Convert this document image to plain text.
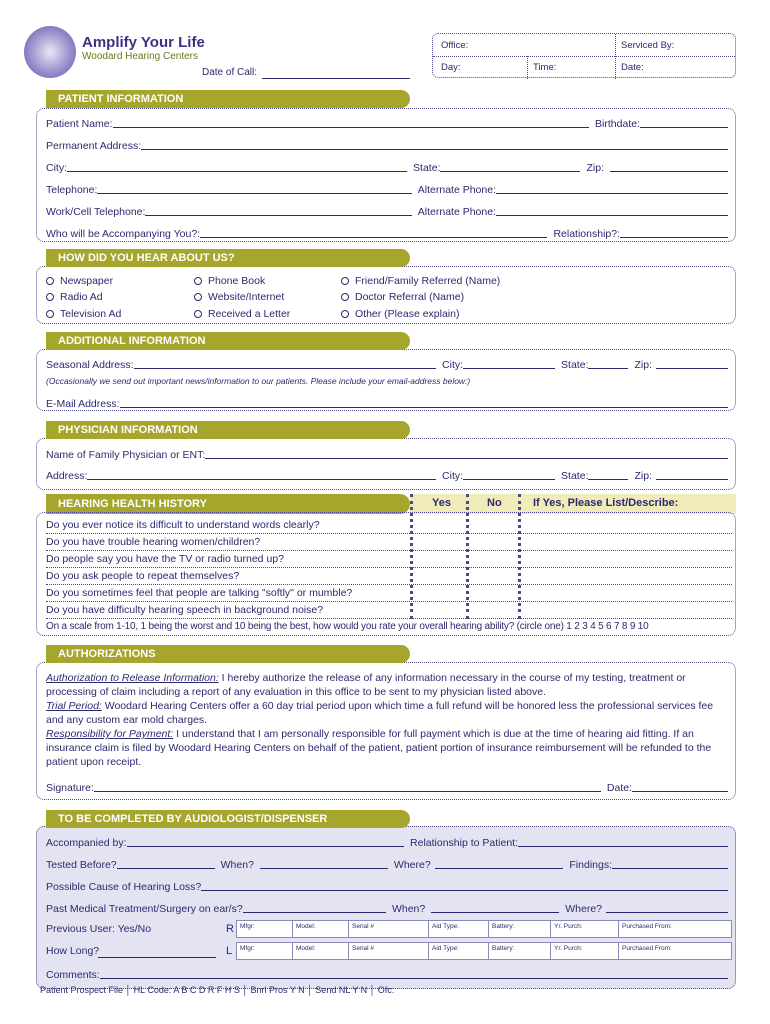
Amplify Your Life
Woodard Hearing Centers
Date of Call:
Office:	Serviced By:
Day:	Time:	Date:
PATIENT INFORMATION
Patient Name:	Birthdate:
Permanent Address:
City:	State:	Zip:
Telephone:	Alternate Phone:
Work/Cell Telephone:	Alternate Phone:
Who will be Accompanying You?:	Relationship?:
HOW DID YOU HEAR ABOUT US?
Newspaper
Radio Ad
Television Ad
Phone Book
Website/Internet
Received a Letter
Friend/Family Referred (Name)
Doctor Referral (Name)
Other (Please explain)
ADDITIONAL INFORMATION
Seasonal Address:	City:	State:	Zip:
(Occasionally we send out important news/information to our patients. Please include your email-address below:)
E-Mail Address:
PHYSICIAN INFORMATION
Name of Family Physician or ENT:
Address:	City:	State:	Zip:
HEARING HEALTH HISTORY	Yes	No	If Yes, Please List/Describe:
Do you ever notice its difficult to understand words clearly?
Do you have trouble hearing women/children?
Do people say you have the TV or radio turned up?
Do you ask people to repeat themselves?
Do you sometimes feel that people are talking "softly" or mumble?
Do you have difficulty hearing speech in background noise?
On a scale from 1-10, 1 being the worst and 10 being the best, how would you rate your overall hearing ability? (circle one) 1 2 3 4 5 6 7 8 9 10
AUTHORIZATIONS
Authorization to Release Information: I hereby authorize the release of any information necessary in the course of my testing, treatment or processing of claim including a report of any evaluation in this office to be sent to my physician listed above.
Trial Period: Woodard Hearing Centers offer a 60 day trial period upon which time a full refund will be honored less the professional services fee and any custom ear mold charges.
Responsibility for Payment: I understand that I am personally responsible for full payment which is due at the time of hearing aid fitting. If an insurance claim is filed by Woodard Hearing Centers on behalf of the patient, patient portion of insurance reimbursement will be refunded to the patient upon receipt.
Signature:	Date:
TO BE COMPLETED BY AUDIOLOGIST/DISPENSER
Accompanied by:	Relationship to Patient:
Tested Before?	When?	Where?	Findings:
Possible Cause of Hearing Loss?
Past Medical Treatment/Surgery on ear/s?	When?	Where?
Previous User: Yes/No	R Mfgr:	Model:	Serial #	Aid Type:	Battery:	Yr. Purch:	Purchased From:
How Long?	L	Mfgr:	Model:	Serial #	Aid Type:	Battery:	Yr. Purch:	Purchased From:
Comments:
Patient Prospect File │ HL Code: A B C D R F H S │ Bnrl Pros Y N │ Send NL Y N │ Ofc:
